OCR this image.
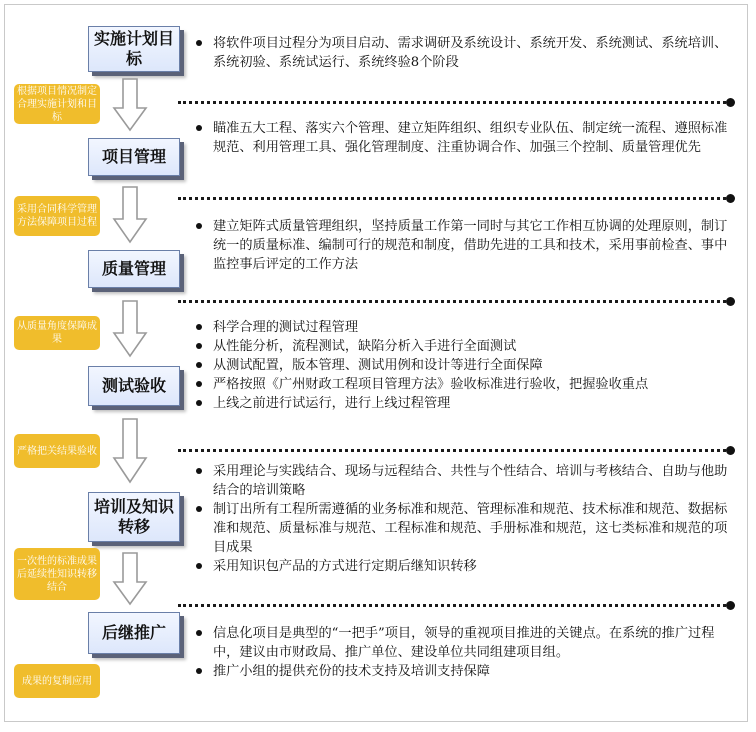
实施计划目标
项目管理
质量管理
测试验收
培训及知识转移
后继推广
根据项目情况制定合理实施计划和目标
采用合同科学管理方法保障项目过程
从质量角度保障成果
严格把关结果验收
一次性的标准成果后延续性知识转移结合
成果的复制应用
将软件项目过程分为项目启动、需求调研及系统设计、系统开发、系统测试、系统培训、系统初验、系统试运行、系统终验8个阶段
瞄准五大工程、落实六个管理、建立矩阵组织、组织专业队伍、制定统一流程、遵照标准规范、利用管理工具、强化管理制度、注重协调合作、加强三个控制、质量管理优先
建立矩阵式质量管理组织，坚持质量工作第一同时与其它工作相互协调的处理原则，制订统一的质量标准、编制可行的规范和制度，借助先进的工具和技术，采用事前检查、事中监控事后评定的工作方法
科学合理的测试过程管理
从性能分析，流程测试，缺陷分析入手进行全面测试
从测试配置，版本管理、测试用例和设计等进行全面保障
严格按照《广州财政工程项目管理方法》验收标准进行验收，把握验收重点
上线之前进行试运行，进行上线过程管理
采用理论与实践结合、现场与远程结合、共性与个性结合、培训与考核结合、自助与他助结合的培训策略
制订出所有工程所需遵循的业务标准和规范、管理标准和规范、技术标准和规范、数据标准和规范、质量标准与规范、工程标准和规范、手册标准和规范，这七类标准和规范的项目成果
采用知识包产品的方式进行定期后继知识转移
信息化项目是典型的“一把手”项目，领导的重视项目推进的关键点。在系统的推广过程中，建议由市财政局、推广单位、建设单位共同组建项目组。
推广小组的提供充份的技术支持及培训支持保障
